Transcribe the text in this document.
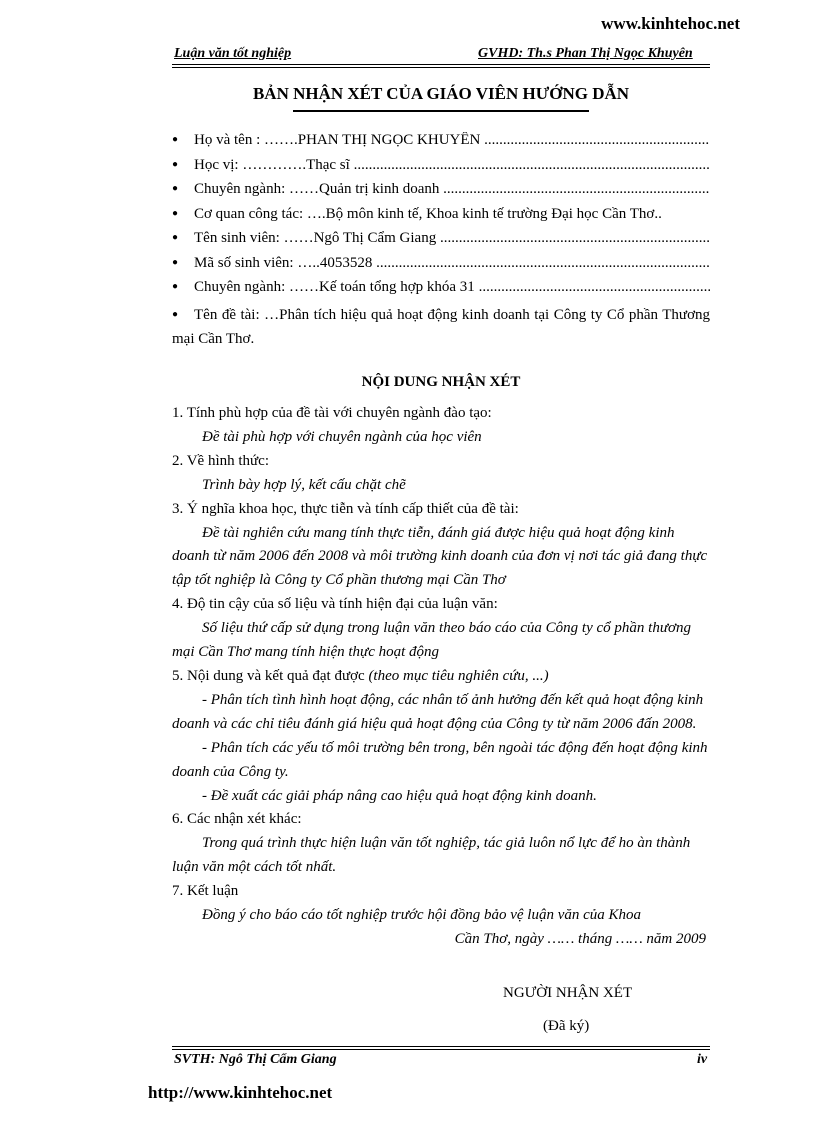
www.kinhtehoc.net
Luận văn tốt nghiệp	GVHD: Th.s Phan Thị Ngọc Khuyên
BẢN NHẬN XÉT CỦA GIÁO VIÊN HƯỚNG DẪN
●	Họ và tên : …….PHAN THỊ NGỌC KHUYÊN .....
●	Học vị: ………….Thạc sĩ .....
●	Chuyên ngành: ……Quản trị kinh doanh .....
●	Cơ quan công tác: ….Bộ môn kinh tế, Khoa kinh tế trường Đại học Cần Thơ..
●	Tên sinh viên: ……Ngô Thị Cẩm Giang .....
●	Mã số sinh viên: …..4053528 .....
●	Chuyên ngành: ……Kế toán tổng hợp khóa 31 .....
● Tên đề tài: …Phân tích hiệu quả hoạt động kinh doanh tại Công ty Cổ phần Thương mại Cần Thơ.
NỘI DUNG NHẬN XÉT

1. Tính phù hợp của đề tài với chuyên ngành đào tạo:

Đề tài phù hợp với chuyên ngành của học viên

2. Về hình thức:

Trình bày hợp lý, kết cấu chặt chẽ

3. Ý nghĩa khoa học, thực tiễn và tính cấp thiết của đề tài:

Đề tài nghiên cứu mang tính thực tiễn, đánh giá được hiệu quả hoạt động kinh doanh từ năm 2006 đến 2008 và môi trường kinh doanh của đơn vị nơi tác giả đang thực tập tốt nghiệp là Công ty Cổ phần thương mại Cần Thơ

4. Độ tin cậy của số liệu và tính hiện đại của luận văn:

Số liệu thứ cấp sử dụng trong luận văn theo báo cáo của Công ty cổ phần thương mại Cần Thơ mang tính hiện thực hoạt động

5. Nội dung và kết quả đạt được (theo mục tiêu nghiên cứu, ...)

- Phân tích tình hình hoạt động, các nhân tố ảnh hưởng đến kết quả hoạt động kinh doanh và các chỉ tiêu đánh giá hiệu quả hoạt động của Công ty từ năm 2006 đấn 2008.

- Phân tích các yếu tố môi trường bên trong, bên ngoài tác động đến hoạt động kinh doanh của Công ty.

- Đề xuất các giải pháp nâng cao hiệu quả hoạt động kinh doanh.

6. Các nhận xét khác:

Trong quá trình thực hiện luận văn tốt nghiệp, tác giả luôn nổ lực để ho àn thành luận văn một cách tốt nhất.

7. Kết luận

Đồng ý cho báo cáo tốt nghiệp trước hội đồng bảo vệ luận văn của Khoa

Cần Thơ, ngày …… tháng …… năm 2009

NGƯỜI NHẬN XÉT
(Đã ký)
SVTH: Ngô Thị Cẩm Giang	iv
http://www.kinhtehoc.net
